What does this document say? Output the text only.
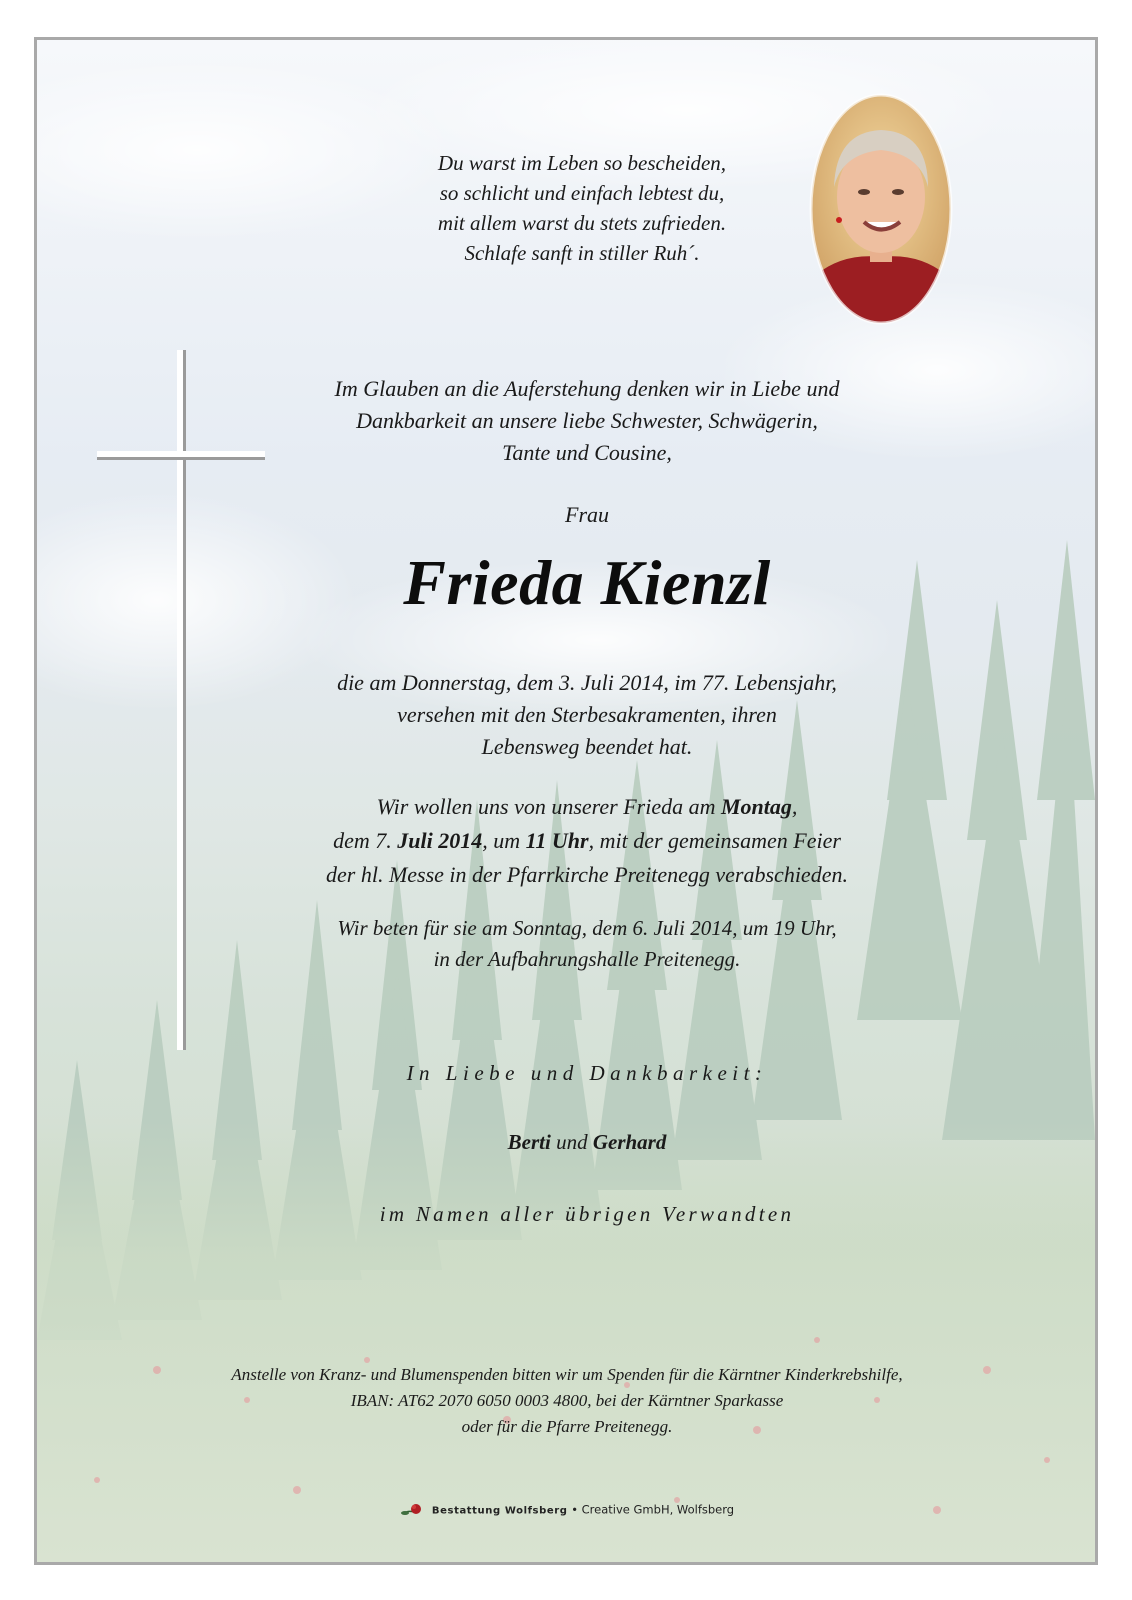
Du warst im Leben so bescheiden,
so schlicht und einfach lebtest du,
mit allem warst du stets zufrieden.
Schlafe sanft in stiller Ruh´.
Im Glauben an die Auferstehung denken wir in Liebe und
Dankbarkeit an unsere liebe Schwester, Schwägerin,
Tante und Cousine,
Frau
Frieda Kienzl
die am Donnerstag, dem 3. Juli 2014, im 77. Lebensjahr,
versehen mit den Sterbesakramenten, ihren
Lebensweg beendet hat.
Wir wollen uns von unserer Frieda am Montag,
dem 7. Juli 2014, um 11 Uhr, mit der gemeinsamen Feier
der hl. Messe in der Pfarrkirche Preitenegg verabschieden.
Wir beten für sie am Sonntag, dem 6. Juli 2014, um 19 Uhr,
in der Aufbahrungshalle Preitenegg.
In Liebe und Dankbarkeit:
Berti und Gerhard
im Namen aller übrigen Verwandten
Anstelle von Kranz- und Blumenspenden bitten wir um Spenden für die Kärntner Kinderkrebshilfe,
IBAN: AT62 2070 6050 0003 4800, bei der Kärntner Sparkasse
oder für die Pfarre Preitenegg.
Bestattung Wolfsberg • Creative GmbH, Wolfsberg
